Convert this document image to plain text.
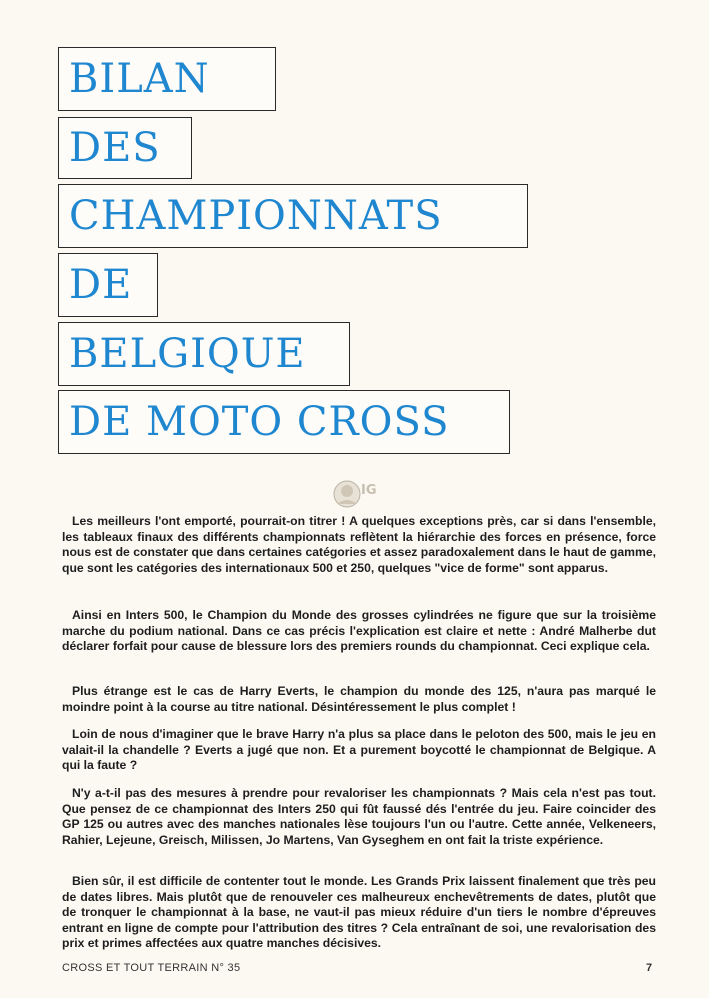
BILAN
DES
CHAMPIONNATS
DE
BELGIQUE
DE MOTO CROSS
IG

Les meilleurs l'ont emporté, pourrait-on titrer ! A quelques exceptions près, car si dans l'ensemble, les tableaux finaux des différents championnats reflètent la hiérarchie des forces en présence, force nous est de constater que dans certaines catégories et assez paradoxalement dans le haut de gamme, que sont les catégories des internationaux 500 et 250, quelques "vice de forme" sont apparus.

Ainsi en Inters 500, le Champion du Monde des grosses cylindrées ne figure que sur la troisième marche du podium national. Dans ce cas précis l'explication est claire et nette : André Malherbe dut déclarer forfait pour cause de blessure lors des premiers rounds du championnat. Ceci explique cela.

Plus étrange est le cas de Harry Everts, le champion du monde des 125, n'aura pas marqué le moindre point à la course au titre national. Désintéressement le plus complet !

Loin de nous d'imaginer que le brave Harry n'a plus sa place dans le peloton des 500, mais le jeu en valait-il la chandelle ? Everts a jugé que non. Et a purement boycotté le championnat de Belgique. A qui la faute ?

N'y a-t-il pas des mesures à prendre pour revaloriser les championnats ? Mais cela n'est pas tout. Que pensez de ce championnat des Inters 250 qui fût faussé dés l'entrée du jeu. Faire coincider des GP 125 ou autres avec des manches nationales lèse toujours l'un ou l'autre. Cette année, Velkeneers, Rahier, Lejeune, Greisch, Milissen, Jo Martens, Van Gyseghem en ont fait la triste expérience.

Bien sûr, il est difficile de contenter tout le monde. Les Grands Prix laissent finalement que très peu de dates libres. Mais plutôt que de renouveler ces malheureux enchevêtrements de dates, plutôt que de tronquer le championnat à la base, ne vaut-il pas mieux réduire d'un tiers le nombre d'épreuves entrant en ligne de compte pour l'attribution des titres ? Cela entraînant de soi, une revalorisation des prix et primes affectées aux quatre manches décisives.

CROSS ET TOUT TERRAIN N° 35	7
